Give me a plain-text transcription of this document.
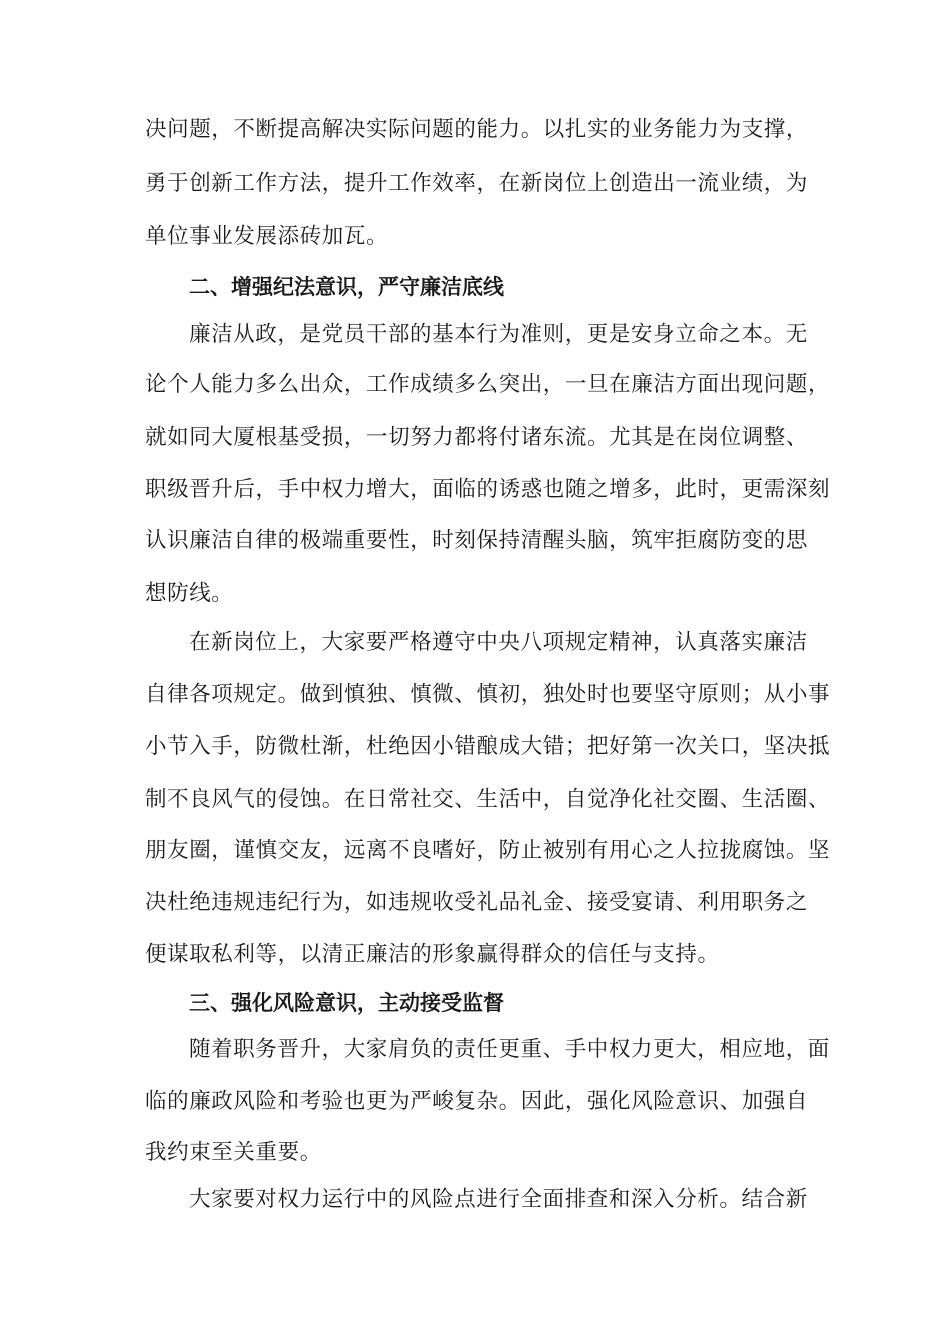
决问题，不断提高解决实际问题的能力。以扎实的业务能力为支撑，
勇于创新工作方法，提升工作效率，在新岗位上创造出一流业绩，为
单位事业发展添砖加瓦。
二、增强纪法意识，严守廉洁底线
廉洁从政，是党员干部的基本行为准则，更是安身立命之本。无
论个人能力多么出众，工作成绩多么突出，一旦在廉洁方面出现问题，
就如同大厦根基受损，一切努力都将付诸东流。尤其是在岗位调整、
职级晋升后，手中权力增大，面临的诱惑也随之增多，此时，更需深刻
认识廉洁自律的极端重要性，时刻保持清醒头脑，筑牢拒腐防变的思
想防线。
在新岗位上，大家要严格遵守中央八项规定精神，认真落实廉洁
自律各项规定。做到慎独、慎微、慎初，独处时也要坚守原则；从小事
小节入手，防微杜渐，杜绝因小错酿成大错；把好第一次关口，坚决抵
制不良风气的侵蚀。在日常社交、生活中，自觉净化社交圈、生活圈、
朋友圈，谨慎交友，远离不良嗜好，防止被别有用心之人拉拢腐蚀。坚
决杜绝违规违纪行为，如违规收受礼品礼金、接受宴请、利用职务之
便谋取私利等，以清正廉洁的形象赢得群众的信任与支持。
三、强化风险意识，主动接受监督
随着职务晋升，大家肩负的责任更重、手中权力更大，相应地，面
临的廉政风险和考验也更为严峻复杂。因此，强化风险意识、加强自
我约束至关重要。
大家要对权力运行中的风险点进行全面排查和深入分析。结合新
